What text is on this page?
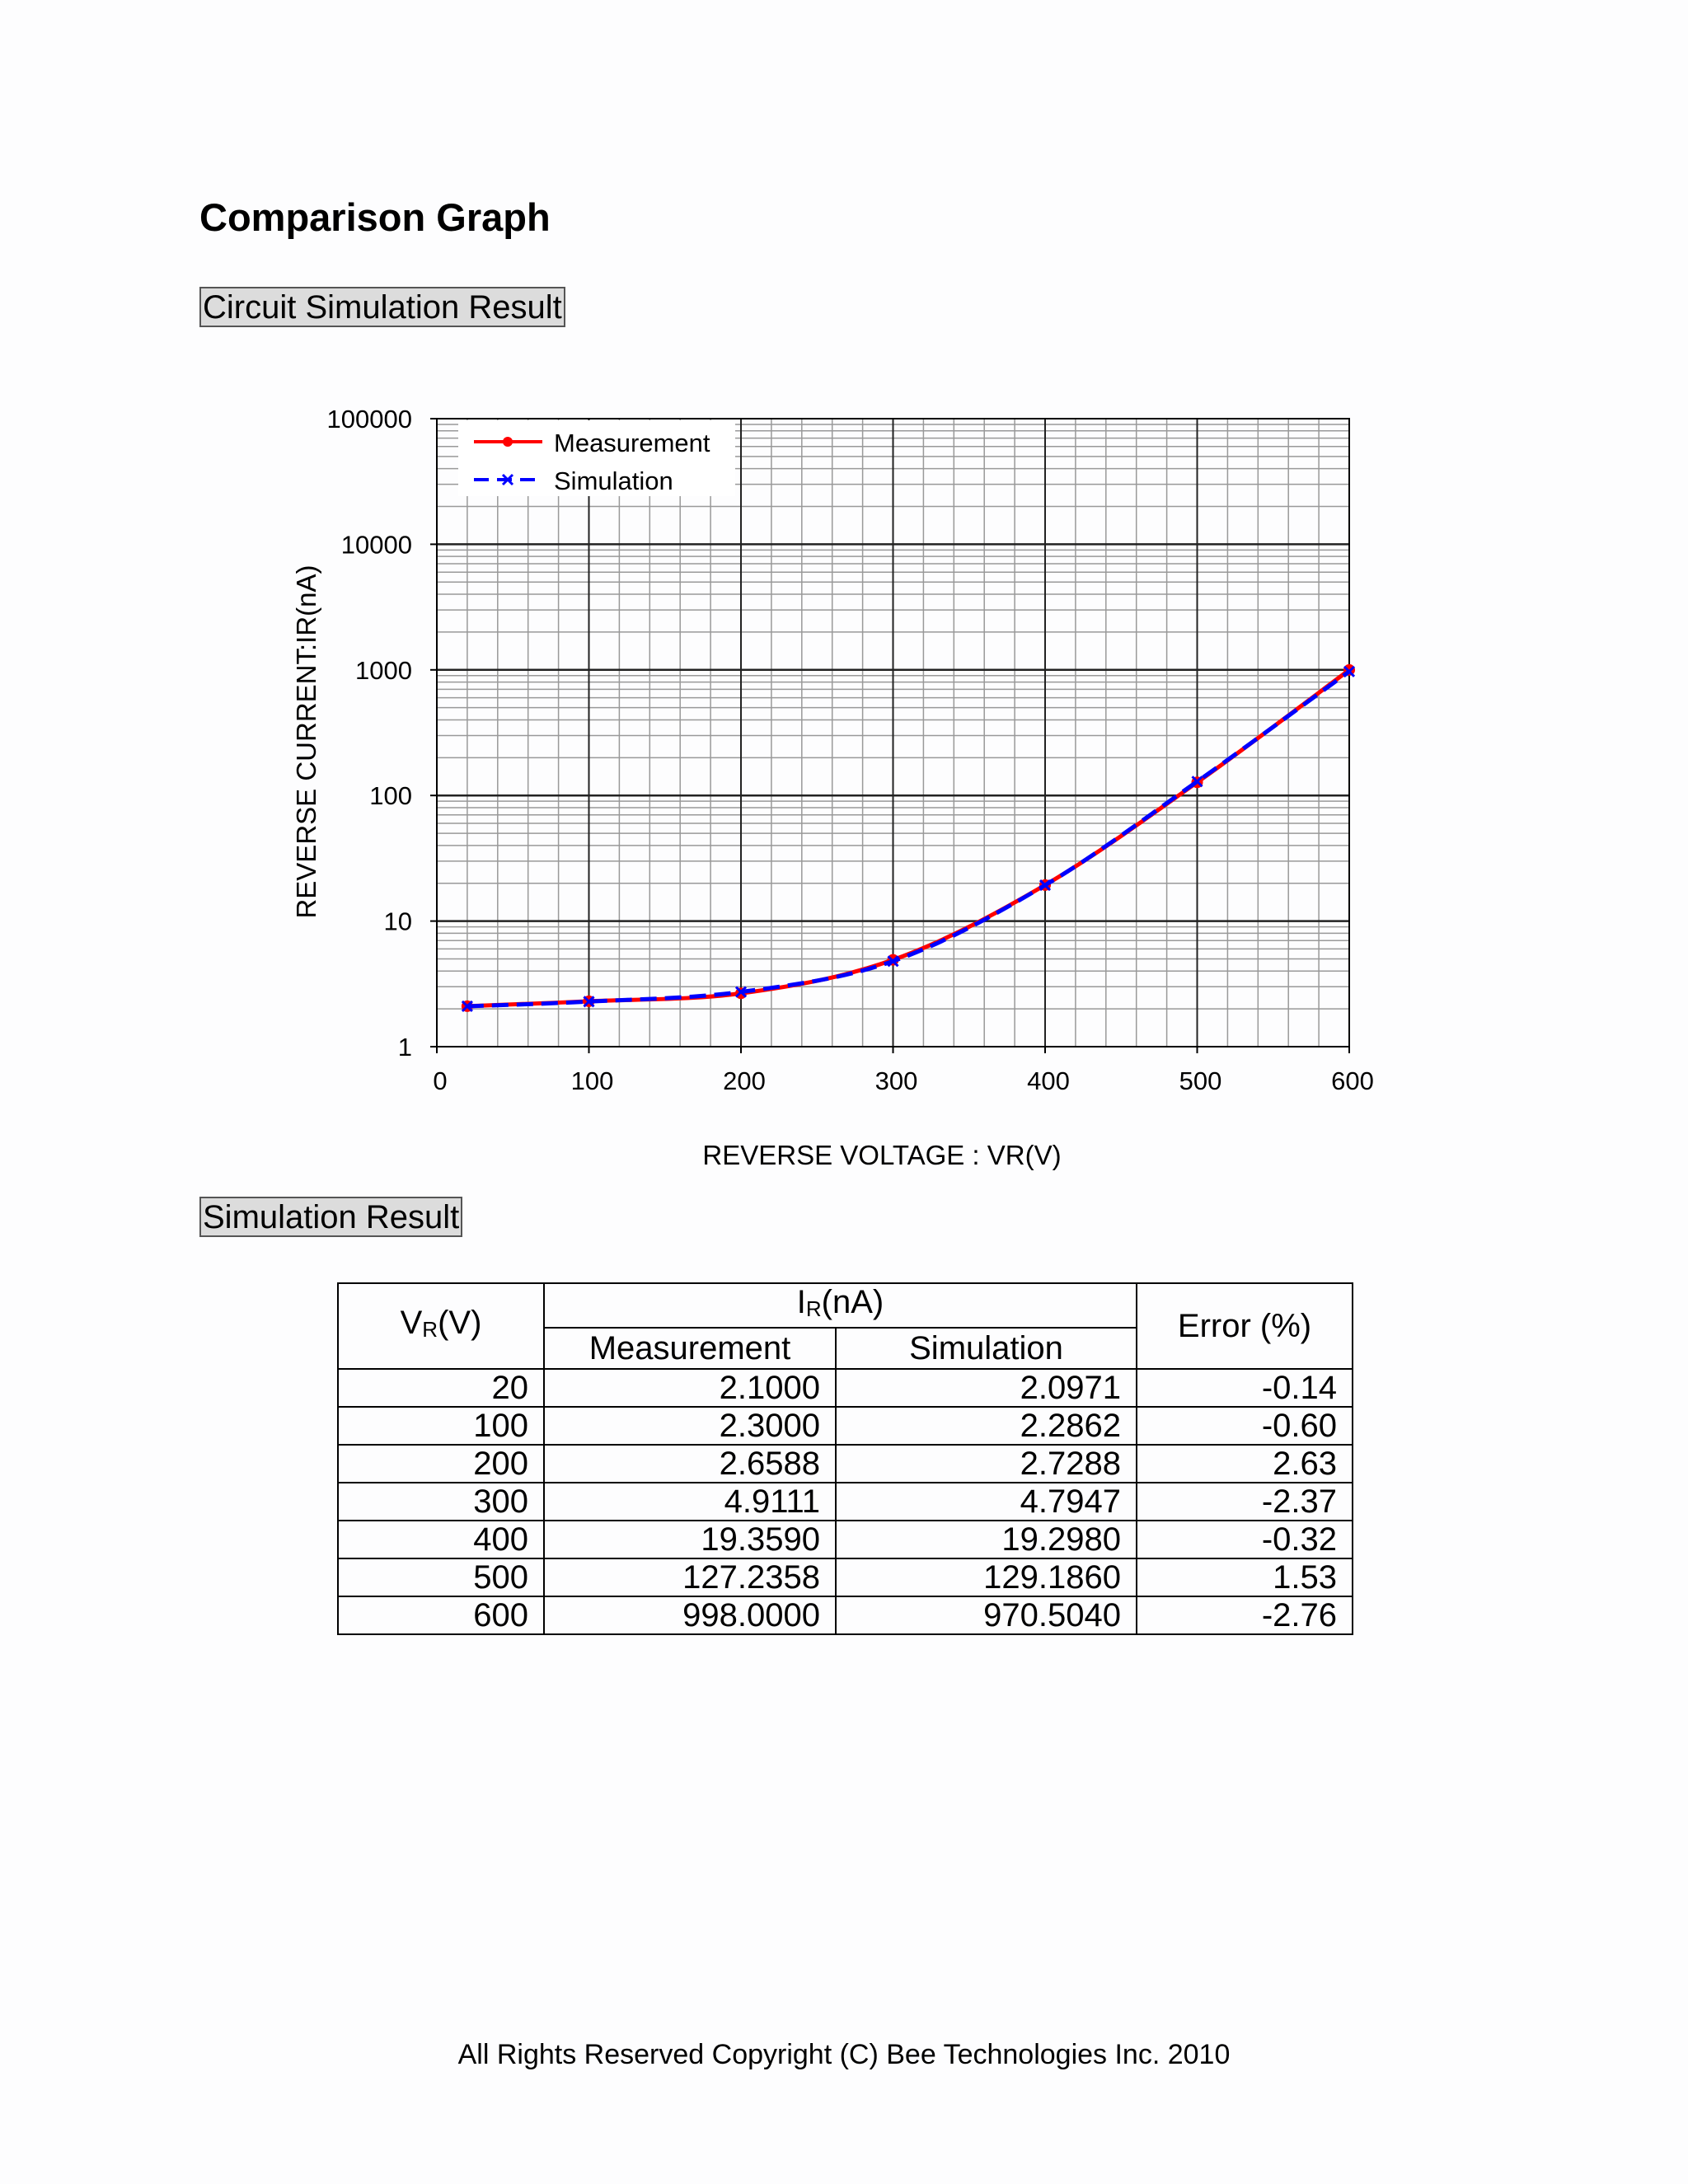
Comparison Graph
Circuit Simulation Result
0	100	200	300	400	500	600
1
10
100
1000
10000
100000
Measurement
Simulation
REVERSE VOLTAGE : VR(V)
REVERSE CURRENT:IR(nA)
Simulation Result
$V_R(V)$	$I_R(nA)$		Error (%)
	Measurement	Simulation	
20	2.1000	2.0971	-0.14
100	2.3000	2.2862	-0.60
200	2.6588	2.7288	2.63
300	4.9111	4.7947	-2.37
400	19.3590	19.2980	-0.32
500	127.2358	129.1860	1.53
600	998.0000	970.5040	-2.76
All Rights Reserved Copyright (C) Bee Technologies Inc. 2010
